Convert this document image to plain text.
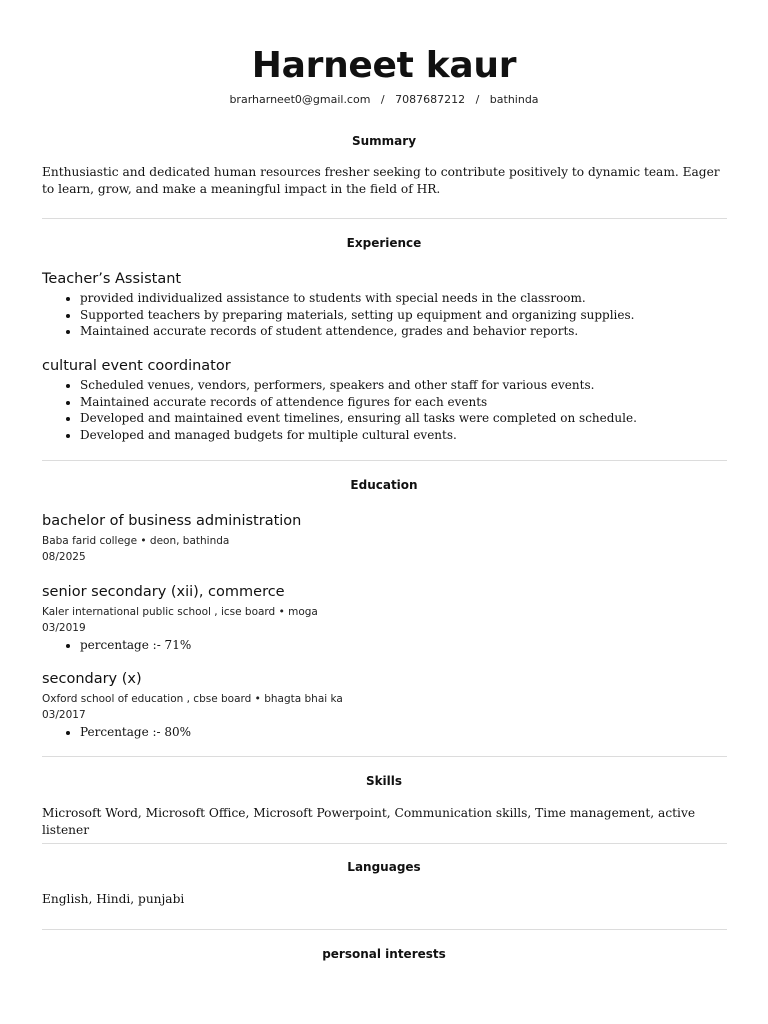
Harneet kaur

brarharneet0@gmail.com   /   7087687212   /   bathinda

Summary

Enthusiastic and dedicated human resources fresher seeking to contribute positively to dynamic team. Eager to learn, grow, and make a meaningful impact in the field of HR.

Experience
Teacher’s Assistant
• provided individualized assistance to students with special needs in the classroom.
• Supported teachers by preparing materials, setting up equipment and organizing supplies.
• Maintained accurate records of student attendence, grades and behavior reports.
cultural event coordinator
• Scheduled venues, vendors, performers, speakers and other staff for various events.
• Maintained accurate records of attendence figures for each events
• Developed and maintained event timelines, ensuring all tasks were completed on schedule.
• Developed and managed budgets for multiple cultural events.
Education
bachelor of business administration

Baba farid college • deon, bathinda

08/2025

senior secondary (xii), commerce

Kaler international public school , icse board • moga

03/2019

• percentage :- 71%
secondary (x)

Oxford school of education , cbse board • bhagta bhai ka

03/2017

• Percentage :- 80%
Skills

Microsoft Word, Microsoft Office, Microsoft Powerpoint, Communication skills, Time management, active listener

Languages

English, Hindi, punjabi

personal interests
